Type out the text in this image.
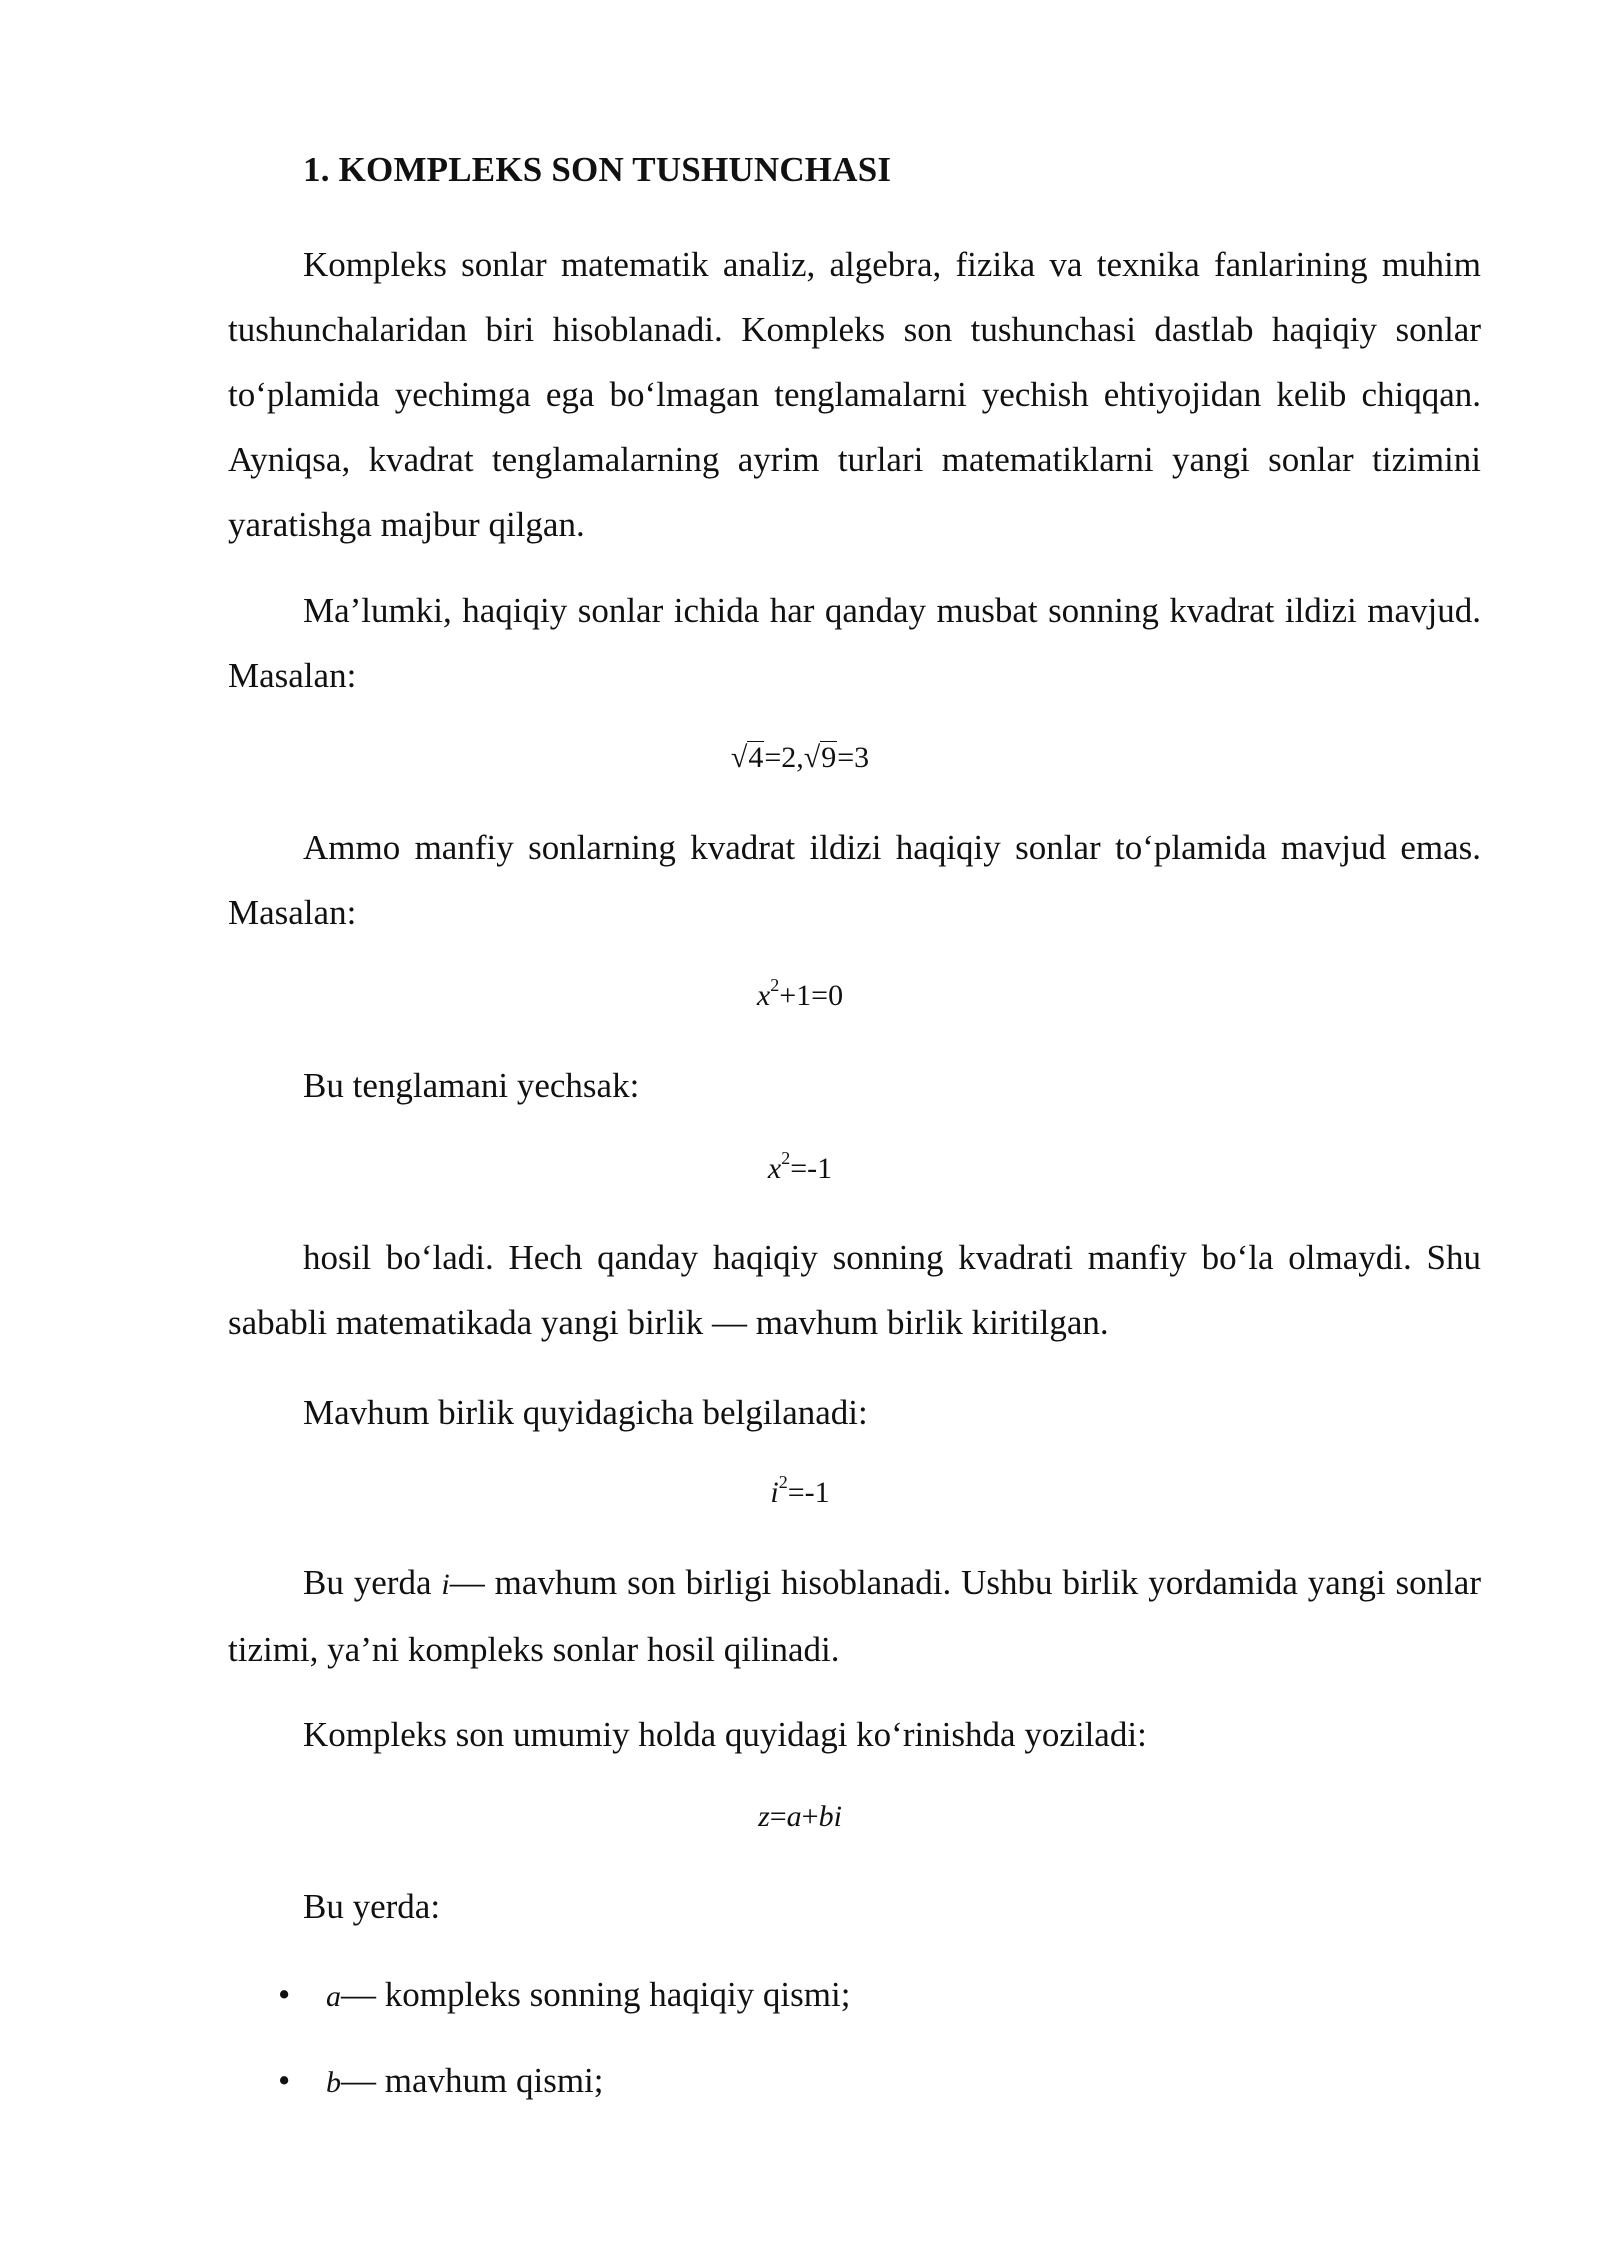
1. KOMPLEKS SON TUSHUNCHASI

Kompleks sonlar matematik analiz, algebra, fizika va texnika fanlarining muhim tushunchalaridan biri hisoblanadi. Kompleks son tushunchasi dastlab haqiqiy sonlar to‘plamida yechimga ega bo‘lmagan tenglamalarni yechish ehtiyojidan kelib chiqqan. Ayniqsa, kvadrat tenglamalarning ayrim turlari matematiklarni yangi sonlar tizimini yaratishga majbur qilgan.

Ma’lumki, haqiqiy sonlar ichida har qanday musbat sonning kvadrat ildizi mavjud. Masalan:

√4=2,√9=3

Ammo manfiy sonlarning kvadrat ildizi haqiqiy sonlar to‘plamida mavjud emas. Masalan:

$x^2+1=0$

Bu tenglamani yechsak:

$x^2=-1$

hosil bo‘ladi. Hech qanday haqiqiy sonning kvadrati manfiy bo‘la olmaydi. Shu sababli matematikada yangi birlik — mavhum birlik kiritilgan.

Mavhum birlik quyidagicha belgilanadi:

$i^2=-1$

Bu yerda i— mavhum son birligi hisoblanadi. Ushbu birlik yordamida yangi sonlar tizimi, ya’ni kompleks sonlar hosil qilinadi.

Kompleks son umumiy holda quyidagi ko‘rinishda yoziladi:

z=a+bi

Bu yerda:

• a— kompleks sonning haqiqiy qismi;
• b— mavhum qismi;
